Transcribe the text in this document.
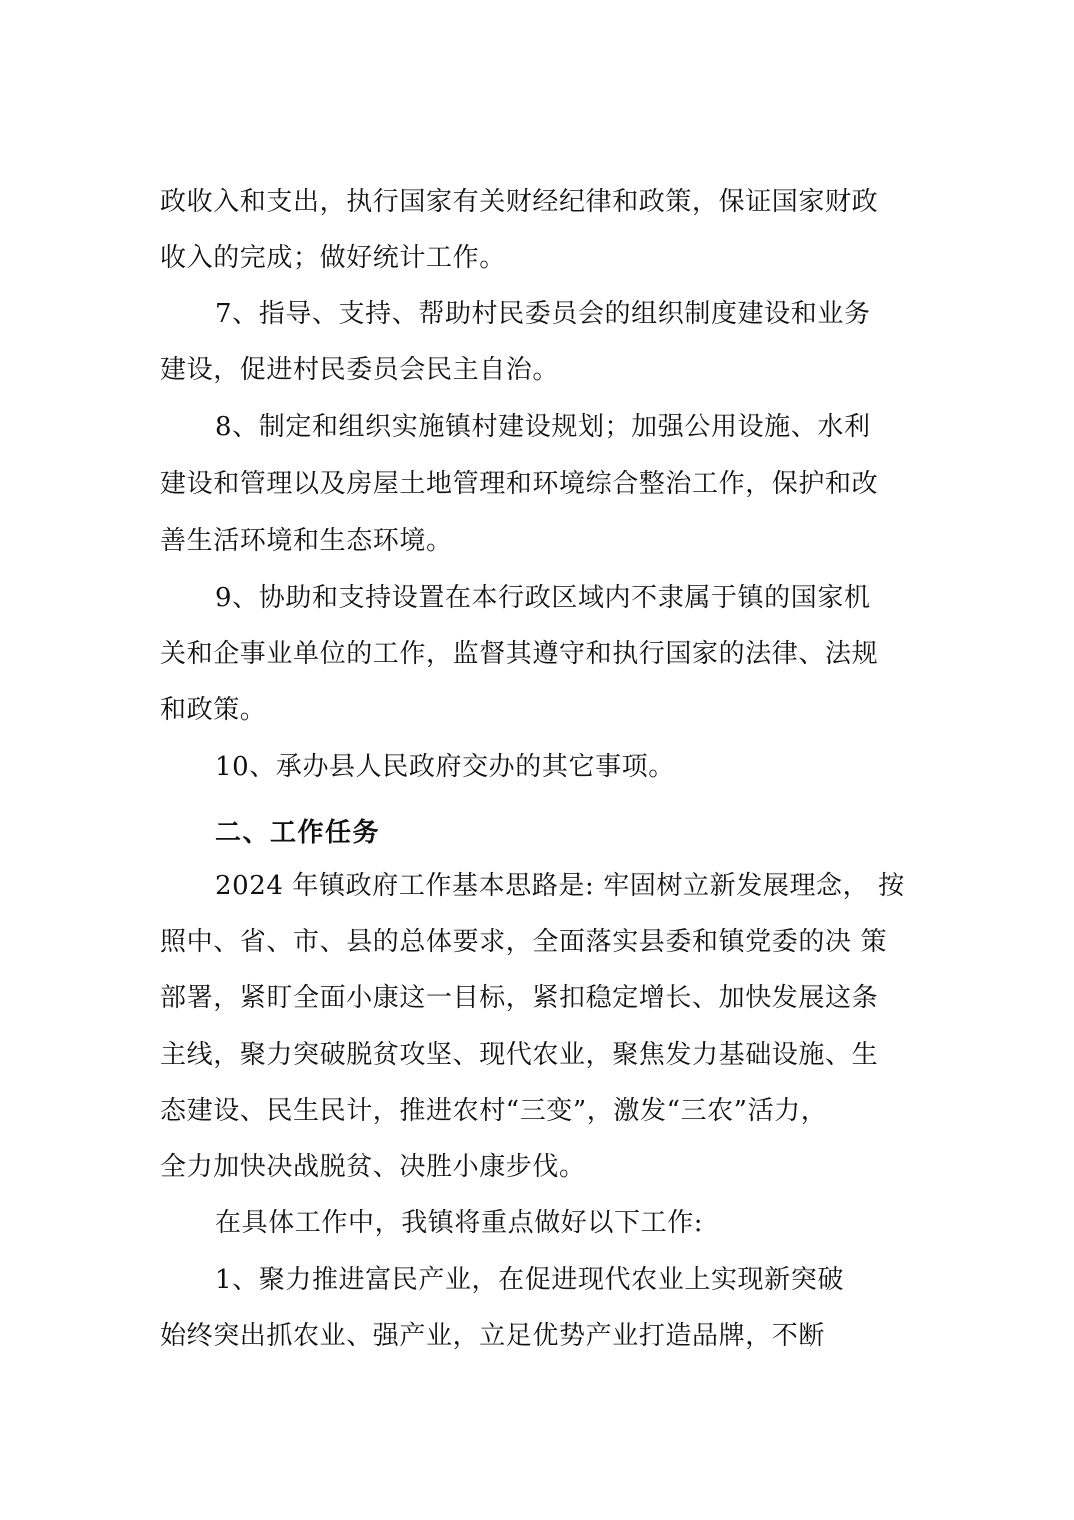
政收入和支出，执行国家有关财经纪律和政策，保证国家财政
收入的完成；做好统计工作。
7、指导、支持、帮助村民委员会的组织制度建设和业务
建设，促进村民委员会民主自治。
8、制定和组织实施镇村建设规划；加强公用设施、水利
建设和管理以及房屋土地管理和环境综合整治工作，保护和改
善生活环境和生态环境。
9、协助和支持设置在本行政区域内不隶属于镇的国家机
关和企事业单位的工作，监督其遵守和执行国家的法律、法规
和政策。
10、承办县人民政府交办的其它事项。
二、工作任务
2024 年镇政府工作基本思路是: 牢固树立新发展理念， 按
照中、省、市、县的总体要求，全面落实县委和镇党委的决 策
部署，紧盯全面小康这一目标，紧扣稳定增长、加快发展这条
主线，聚力突破脱贫攻坚、现代农业，聚焦发力基础设施、生
态建设、民生民计，推进农村“三变”，激发“三农”活力，
全力加快决战脱贫、决胜小康步伐。
在具体工作中，我镇将重点做好以下工作:
1、聚力推进富民产业，在促进现代农业上实现新突破
始终突出抓农业、强产业，立足优势产业打造品牌，不断
